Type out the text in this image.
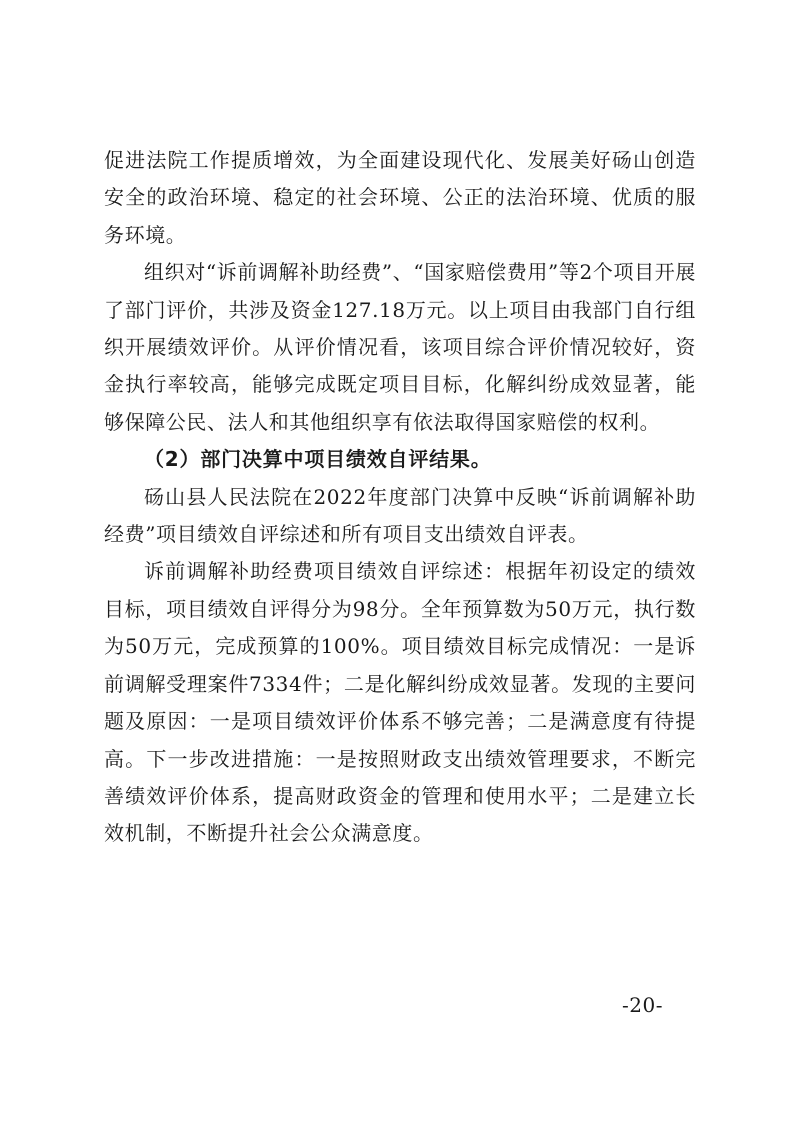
促进法院工作提质增效，为全面建设现代化、发展美好砀山创造安全的政治环境、稳定的社会环境、公正的法治环境、优质的服务环境。

组织对“诉前调解补助经费”、“国家赔偿费用”等2个项目开展了部门评价，共涉及资金127.18万元。以上项目由我部门自行组织开展绩效评价。从评价情况看，该项目综合评价情况较好，资金执行率较高，能够完成既定项目目标，化解纠纷成效显著，能够保障公民、法人和其他组织享有依法取得国家赔偿的权利。

（2）部门决算中项目绩效自评结果。

砀山县人民法院在2022年度部门决算中反映“诉前调解补助经费”项目绩效自评综述和所有项目支出绩效自评表。

诉前调解补助经费项目绩效自评综述：根据年初设定的绩效目标，项目绩效自评得分为98分。全年预算数为50万元，执行数为50万元，完成预算的100%。项目绩效目标完成情况：一是诉前调解受理案件7334件；二是化解纠纷成效显著。发现的主要问题及原因：一是项目绩效评价体系不够完善；二是满意度有待提高。下一步改进措施：一是按照财政支出绩效管理要求，不断完善绩效评价体系，提高财政资金的管理和使用水平；二是建立长效机制，不断提升社会公众满意度。

-20-
